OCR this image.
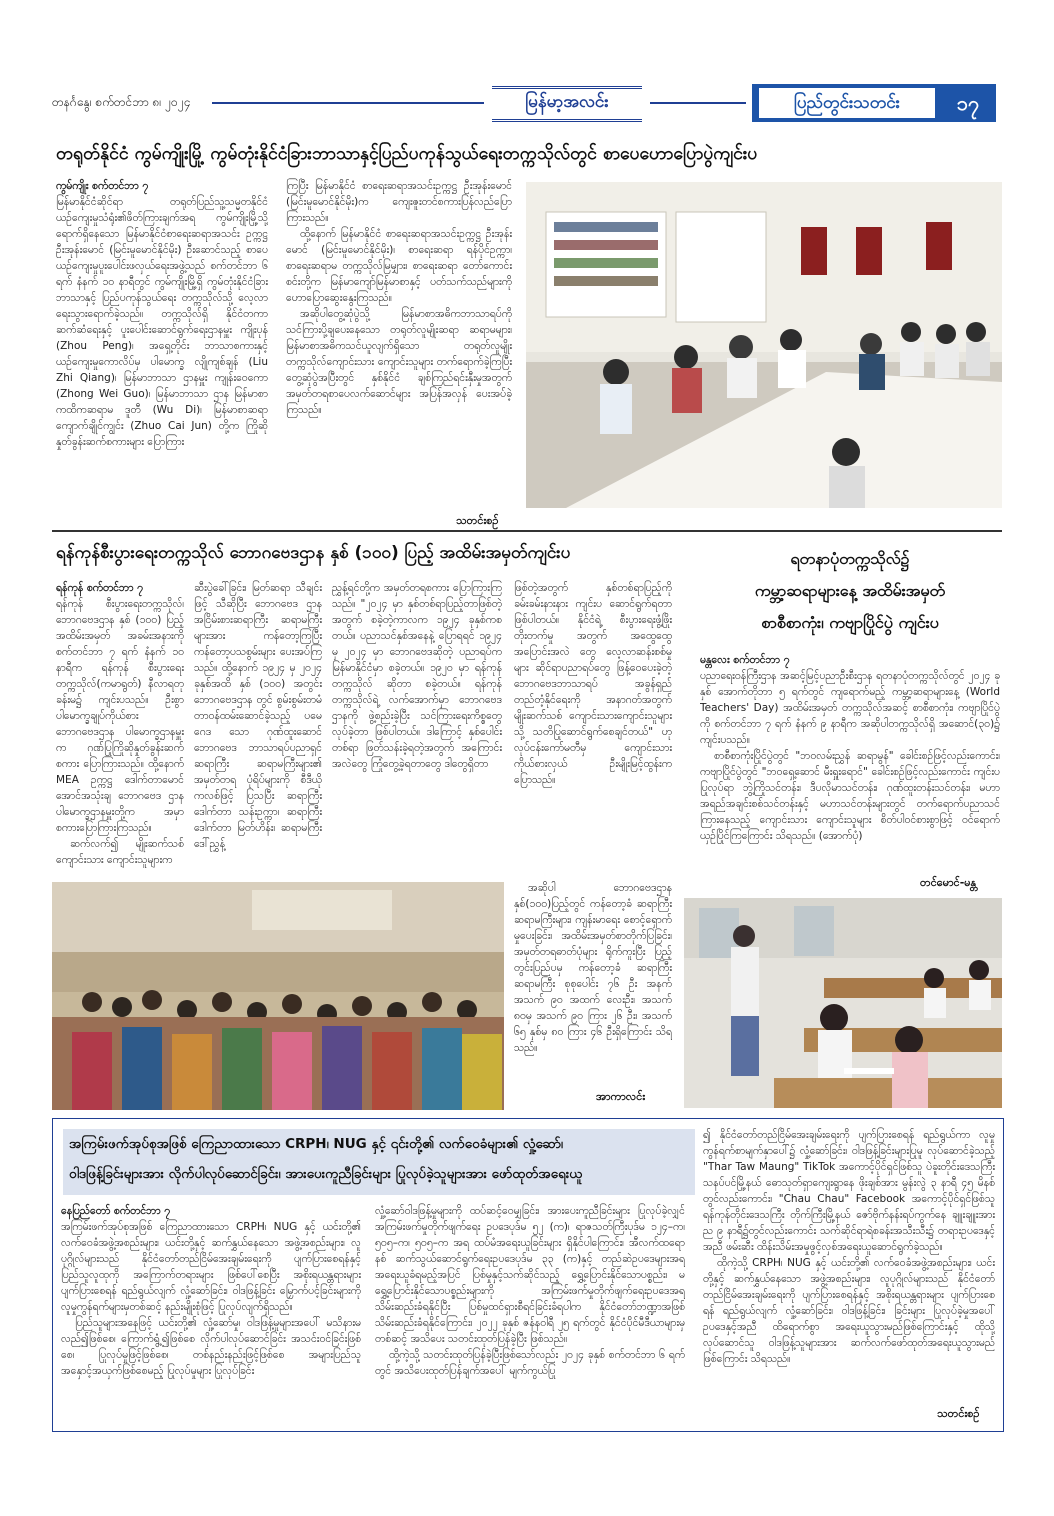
တနင်္ဂနွေ၊ စက်တင်ဘာ ၈၊ ၂၀၂၄	မြန်မာ့အလင်း	ပြည်တွင်းသတင်း	၁၇
တရုတ်နိုင်ငံ ကွမ်ကျိုးမြို့ ကွမ်တုံးနိုင်ငံခြားဘာသာနှင့်ပြည်ပကုန်သွယ်ရေးတက္ကသိုလ်တွင် စာပေဟောပြောပွဲကျင်းပ
ကွမ်ကျိုး စက်တင်ဘာ ၇
မြန်မာနိုင်ငံဆိုင်ရာ တရုတ်ပြည်သူ့သမ္မတနိုင်ငံ ယဉ်ကျေးမှုသံရုံး၏ဖိတ်ကြားချက်အရ ကွမ်ကျိုးမြို့သို့ ရောက်ရှိနေသော မြန်မာနိုင်ငံစာရေးဆရာအသင်း ဥက္ကဋ္ဌ ဦးအုန်းမောင် (မြင်းမူမောင်နိုင်မိုး) ဦးဆောင်သည့် စာပေယဉ်ကျေးမှုပူးပေါင်းဖလှယ်ရေးအဖွဲ့သည် စက်တင်ဘာ ၆ ရက် နံနက် ၁၀ နာရီတွင် ကွမ်ကျိုးမြို့ရှိ ကွမ်တုံးနိုင်ငံခြားဘာသာနှင့် ပြည်ပကုန်သွယ်ရေး တက္ကသိုလ်သို့ လေ့လာရေးသွားရောက်ခဲ့သည်။ တက္ကသိုလ်ရှိ နိုင်ငံတကာဆက်ဆံရေးနှင့် ပူးပေါင်းဆောင်ရွက်ရေးဌာနမှူး ကျိုးပုန် (Zhou Peng)၊ အရှေ့တိုင်း ဘာသာစကားနှင့် ယဉ်ကျေးမှုကောလိပ်မှ ပါမောက္ခ လျိုကျစ်ချန် (Liu Zhi Qiang)၊ မြန်မာဘာသာ ဌာနမှူး ကျုန်းဝေကော (Zhong Wei Guo)၊ မြန်မာဘာသာ ဌာန မြန်မာစာကထိကဆရာမ ဒူတီ (Wu Di)၊ မြန်မာစာဆရာ ကျောက်ချိုင်ကျွင်း (Zhuo Cai Jun) တို့က ကြိုဆိုနှုတ်ခွန်းဆက်စကားများ ပြောကြား
ကြပြီး မြန်မာနိုင်ငံ စာရေးဆရာအသင်းဥက္ကဋ္ဌ ဦးအုန်းမောင် (မြင်းမူမောင်နိုင်မိုး)က ကျေးဇူးတင်စကားပြန်လည်ပြောကြားသည်။
ထို့နောက် မြန်မာနိုင်ငံ စာရေးဆရာအသင်းဥက္ကဋ္ဌ ဦးအုန်းမောင် (မြင်းမူမောင်နိုင်မိုး)၊ စာရေးဆရာ ရန်ပိုင်ဥက္ကာ၊ စာရေးဆရာမ တက္ကသိုလ်မြမျှား၊ စာရေးဆရာ တော်ကောင်းစင်းတို့က မြန်မာကျော်မြန်မာစာနှင့် ပတ်သက်သည်များကို ဟောပြောဆွေးနွေးကြသည်။
အဆိုပါတွေ့ဆုံပွဲသို့ မြန်မာစာအဓိကဘာသာရပ်ကို သင်ကြားပို့ချပေးနေသော တရုတ်လူမျိုးဆရာ ဆရာမများ၊ မြန်မာစာအဓိကသင်ယူလျက်ရှိသော တရုတ်လူမျိုး တက္ကသိုလ်ကျောင်းသား ကျောင်းသူများ တက်ရောက်ခဲ့ကြပြီး တွေ့ဆုံပွဲအပြီးတွင် နှစ်နိုင်ငံ ချစ်ကြည်ရင်းနှီးမှုအတွက် အမှတ်တရစာပေလက်ဆောင်များ အပြန်အလှန် ပေးအပ်ခဲ့ကြသည်။
သတင်းစဉ်
ရန်ကုန်စီးပွားရေးတက္ကသိုလ် ဘောဂဗေဒဌာန နှစ် (၁၀၀) ပြည့် အထိမ်းအမှတ်ကျင်းပ
ရန်ကုန် စက်တင်ဘာ ၇
ရန်ကုန် စီးပွားရေးတက္ကသိုလ်၊ ဘောဂဗေဒဌာန နှစ် (၁၀၀) ပြည့် အထိမ်းအမှတ် အခမ်းအနားကို စက်တင်ဘာ ၇ ရက် နံနက် ၁၀ နာရီက ရန်ကုန် စီးပွားရေးတက္ကသိုလ်(ကမာရွတ်) နီလာရတုခန်းမ၌ ကျင်းပသည်။ ဦးစွာ ပါမောက္ခချုပ်ကိုယ်စား ဘောဂဗေဒဌာန ပါမောက္ခဌာနမှူးက ဂုဏ်ပြုကြိုဆိုနှုတ်ခွန်းဆက်စကား ပြောကြားသည်။ ထို့နောက် MEA ဥက္ကဋ္ဌ ဒေါက်တာမောင်အောင်အသုံးချ ဘောဂဗေဒ ဌာနပါမောက္ခဌာနမှူးတို့က အမှာစကားပြောကြားကြသည်။
ဆက်လက်၍ မျိုးဆက်သစ် ကျောင်းသား ကျောင်းသူများက
ဆီးပွဲခေါ်ခြင်း၊ မြတ်ဆရာ သီချင်းဖြင့် သီဆိုပြီး ဘောဂဗေဒ ဌာန အငြိမ်းစားဆရာကြီး ဆရာမကြီးများအား ကန်တော့ကြပြီး ကန်တော့ပသစွမ်းများ ပေးအပ်ကြသည်။ ထို့နောက် ၁၉၂၄ မှ ၂၀၂၄ ခုနှစ်အထိ နှစ် (၁၀၀) အတွင်း ဘောဂဗေဒဌာန တွင် စွမ်းစွမ်းတမံ တာဝန်ထမ်းဆောင်ခဲ့သည့် ပမေဂေဒ သော ဂုဏ်ထူးဆောင်ဘောဂဗေဒ ဘာသာရပ်ပညာရှင် ဆရာကြီး ဆရာမကြီးများ၏ အမှတ်တရ ပုံရိပ်များကို စီဒီယိုကလစ်ဖြင့် ပြသပြီး ဆရာကြီး ဒေါက်တာ သန်းဥက္ကာ၊ ဆရာကြီး ဒေါက်တာ မြတ်ဟိန်း၊ ဆရာမကြီး ဒေါ်ညွှန့်
ညွှန့်ရင်တို့က အမှတ်တရစကား ပြောကြားကြသည်။ "၂၀၂၄ မှာ နှစ်တစ်ရာပြည့်တာဖြစ်တဲ့အတွက် စခဲ့တဲ့ကာလက ၁၉၂၄ ခုနှစ်ကစတယ်။ ပညာသင်နှစ်အနေနဲ့ ပြောရရင် ၁၉၂၄ မှ ၂၀၂၄ မှာ ဘောဂဗေဒဆိုတဲ့ ပညာရပ်က မြန်မာနိုင်ငံမှာ စခဲ့တယ်။ ၁၉၂၀ မှာ ရန်ကုန်တက္ကသိုလ် ဆိုတာ စခဲ့တယ်။ ရန်ကုန်တက္ကသိုလ်ရဲ့ လက်အောက်မှာ ဘောဂဗေဒဌာနကို ဖွဲ့စည်းခဲ့ပြီး သင်ကြားရေးကိစ္စတွေ လုပ်ခဲ့တာ ဖြစ်ပါတယ်။ ဒါကြောင့် နှစ်ပေါင်းတစ်ရာ ဖြတ်သန်းခဲ့ရတဲ့အတွက် အကြောင်းအလဲတွေ ကြုံတွေ့ခဲ့ရတာတွေ ဒါတွေရှိတာ
ဖြစ်တဲ့အတွက် နှစ်တစ်ရာပြည့်ကို ခမ်းခမ်းနားနား ကျင်းပ ဆောင်ရွက်ရတာ ဖြစ်ပါတယ်။ နိုင်ငံရဲ့ စီးပွားရေးဖွံ့ဖြိုးတိုးတက်မှု အတွက် အထွေထွေအပြောင်းအလဲ တွေ လေ့လာဆန်းစစ်မှုများ ဆိုင်ရာပညာရပ်တွေ ဖြန့်ဝေပေးခဲ့တဲ့ ဘောဂဗေဒဘာသာရပ် အခွန်ရှည် တည်တံ့နိုင်ရေးကို အနာဂတ်အတွက် မျိုးဆက်သစ် ကျောင်းသားကျောင်းသူများသို့ သတိပြုဆောင်ရွက်စေချင်တယ်" ဟု လုပ်ငန်းကော်မတီမှ ကျောင်းသား ကိုယ်စားလှယ် ဦးမျိုးမြင့်ထွန်းက ပြောသည်။
အဆိုပါ ဘောဂဗေဒဌာန နှစ်(၁၀၀)ပြည့်တွင် ကန်တော့ခံ ဆရာကြီး ဆရာမကြီးများ၊ ကျန်းမာရေး စောင့်ရှောက်မှုပေးခြင်း၊ အထိမ်းအမှတ်စာတိုက်ပြခြင်း၊ အမှတ်တရဓာတ်ပုံများ ရိုက်ကူးပြီး ပြည့်တွင်းပြည်ပမှ ကန်တော့ခံ ဆရာကြီး ဆရာမကြီး စုစုပေါင်း ၇၆ ဦး အနက် အသက် ၉၀ အထက် လေးဦး၊ အသက် ၈၀မှ အသက် ၉၀ ကြား ၂၆ ဦး၊ အသက် ၆၅ နှစ်မှ ၈၀ ကြား ၄၆ ဦးရှိကြောင်း သိရသည်။
အာကာလင်း
ရတနာပုံတက္ကသိုလ်၌
ကမ္ဘာ့ဆရာများနေ့ အထိမ်းအမှတ်
စာစီစာကုံး၊ ကဗျာပြိုင်ပွဲ ကျင်းပ
မန္တလေး စက်တင်ဘာ ၇
ပညာရေးဝန်ကြီးဌာန အဆင့်မြင့်ပညာဦးစီးဌာန ရတနာပုံတက္ကသိုလ်တွင် ၂၀၂၄ ခုနှစ် အောက်တိုဘာ ၅ ရက်တွင် ကျရောက်မည့် ကမ္ဘာ့ဆရာများနေ့ (World Teachers' Day) အထိမ်းအမှတ် တက္ကသိုလ်အဆင့် စာစီစာကုံး၊ ကဗျာပြိုင်ပွဲကို စက်တင်ဘာ ၇ ရက် နံနက် ၉ နာရီက အဆိုပါတက္ကသိုလ်ရှိ အဆောင်(၃၀)၌ ကျင်းပသည်။
စာစီစာကုံးပြိုင်ပွဲတွင် "ဘဝလမ်းညွှန် ဆရာမွန်" ခေါင်းစဉ်ဖြင့်လည်းကောင်း၊ ကဗျာပြိုင်ပွဲတွင် "ဘဝရှေ့ဆောင် မီးရှူးရောင်" ခေါင်းစဉ်ဖြင့်လည်းကောင်း ကျင်းပပြုလုပ်ရာ ဘွဲ့ကြိုသင်တန်း၊ ဒီပလိုမာသင်တန်း၊ ဂုဏ်ထူးတန်းသင်တန်း၊ မဟာအရည်အချင်းစစ်သင်တန်းနှင့် မဟာသင်တန်းများတွင် တက်ရောက်ပညာသင်ကြားနေသည့် ကျောင်းသား ကျောင်းသူများ စိတ်ပါဝင်စားစွာဖြင့် ဝင်ရောက်ယှဉ်ပြိုင်ကြကြောင်း သိရသည်။ (အောက်ပုံ)
တင်မောင်-မန္တ
အကြမ်းဖက်အုပ်စုအဖြစ် ကြေညာထားသော CRPH၊ NUG နှင့် ၎င်းတို့၏ လက်ဝေခံများ၏ လှုံ့ဆော်၊
ဝါဒဖြန့်ခြင်းများအား လိုက်ပါလုပ်ဆောင်ခြင်း၊ အားပေးကူညီခြင်းများ ပြုလုပ်ခဲ့သူများအား ဖော်ထုတ်အရေးယူ
နေပြည်တော် စက်တင်ဘာ ၇
အကြမ်းဖက်အုပ်စုအဖြစ် ကြေညာထားသော CRPH၊ NUG နှင့် ယင်းတို့၏ လက်ဝေခံအဖွဲ့အစည်းများ၊ ယင်းတို့နှင့် ဆက်နွှယ်နေသော အဖွဲ့အစည်းများ၊ လူပုဂ္ဂိုလ်များသည် နိုင်ငံတော်တည်ငြိမ်အေးချမ်းရေးကို ပျက်ပြားစေရန်နှင့် ပြည်သူလူထုကို အကြောက်တရားများ ဖြစ်ပေါ်စေပြီး အစိုးရယန္တရားများ ပျက်ပြားစေရန် ရည်ရွယ်လျက် လှုံ့ဆော်ခြင်း၊ ဝါဒဖြန့်ခြင်း မြှောက်ပင့်ခြင်းများကို လူမှုကွန်ရက်များမှတစ်ဆင့် နည်းမျိုးစုံဖြင့် ပြုလုပ်လျက်ရှိသည်။
ပြည်သူများအနေဖြင့် ယင်းတို့၏ လှုံ့ဆော်မှု၊ ဝါဒဖြန့်မှုများအပေါ် မသိနားမလည်၍ဖြစ်စေ၊ ကြောက်ရွံ့၍ဖြစ်စေ လိုက်ပါလုပ်ဆောင်ခြင်း အသင်းဝင်ခြင်းဖြစ်စေ၊ ပြုလုပ်မှုဖြင့်ဖြစ်စေ၊ တစ်နည်းနည်းဖြင့်ဖြစ်စေ အများပြည်သူ အနှောင့်အယှက်ဖြစ်စေမည့် ပြုလုပ်မှုများ ပြုလုပ်ခြင်း
လှုံ့ဆော်ဝါဒဖြန့်မှုများကို ထပ်ဆင့်ဝေမျှခြင်း၊ အားပေးကူညီခြင်းများ ပြုလုပ်ခဲ့လျှင် အကြမ်းဖက်မှုတိုက်ဖျက်ရေး ဥပဒေပုဒ်မ ၅၂ (က)၊ ရာဇသတ်ကြီးပုဒ်မ ၁၂၄–က၊ ၅၀၅–က၊ ၅၀၅–က အရ ထပ်မံအရေးယူခြင်းများ ရှိနိုင်ပါကြောင်း၊ အီလက်ထရောနစ် ဆက်သွယ်ဆောင်ရွက်ရေးဥပဒေပုဒ်မ ၃၃ (က)နှင့် တည်ဆဲဥပဒေများအရ အရေးယူခံရမည့်အပြင် ပြစ်မှုနှင့်သက်ဆိုင်သည့် ရွှေ့ပြောင်းနိုင်သောပစ္စည်း၊ မရွှေ့ပြောင်းနိုင်သောပစ္စည်းများကို အကြမ်းဖက်မှုတိုက်ဖျက်ရေးဥပဒေအရ သိမ်းဆည်းခံရနိုင်ပြီး ပြစ်မှုထင်ရှားစီရင်ခြင်းခံရပါက နိုင်ငံတော်ဘဏ္ဍာအဖြစ် သိမ်းဆည်းခံရနိုင်ကြောင်း၊ ၂၀၂၂ ခုနှစ် ဇန်နဝါရီ ၂၅ ရက်တွင် နိုင်ငံပိုင်မီဒီယာများမှတစ်ဆင့် အသိပေး သတင်းထုတ်ပြန်ခဲ့ပြီး ဖြစ်သည်။
ထို့ကဲ့သို့ သတင်းထုတ်ပြန်ခဲ့ပြီးဖြစ်သော်လည်း ၂၀၂၄ ခုနှစ် စက်တင်ဘာ ၆ ရက်တွင် အသိပေးထုတ်ပြန်ချက်အပေါ် မျက်ကွယ်ပြု
၍ နိုင်ငံတော်တည်ငြိမ်အေးချမ်းရေးကို ပျက်ပြားစေရန် ရည်ရွယ်ကာ လူမှုကွန်ရက်စာမျက်နှာပေါ်၌ လှုံ့ဆော်ခြင်း၊ ဝါဒဖြန့်ခြင်းများပြုမူ လုပ်ဆောင်ခဲ့သည့် "Thar Taw Maung" TikTok အကောင့်ပိုင်ရှင်ဖြစ်သူ ပဲခူးတိုင်းဒေသကြီး သနပ်ပင်မြို့နယ် ဓောသုတ်ရှာကျေးရွာနေ ဖိုးချစ်အား မွန်းလွဲ ၃ နာရီ ၄၅ မိနစ်တွင်လည်းကောင်း၊ "Chau Chau" Facebook အကောင့်ပိုင်ရှင်ဖြစ်သူ ရန်ကုန်တိုင်းဒေသကြီး တိုက်ကြီးမြို့နယ် ဇော်ဗိုက်နန်းရပ်ကွက်နေ ချူးချူးအား ည ၉ နာရီ၌တွင်လည်းကောင်း သက်ဆိုင်ရာရဲစခန်းအသီးသီး၌ တရားဥပဒေနှင့်အညီ ဖမ်းဆီး ထိန်းသိမ်းအမှုဖွင့်လှစ်အရေးယူဆောင်ရွက်ခဲ့သည်။
ထိုကဲ့သို့ CRPH၊ NUG နှင့် ယင်းတို့၏ လက်ဝေခံအဖွဲ့အစည်းများ၊ ယင်းတို့နှင့် ဆက်နွှယ်နေသော အဖွဲ့အစည်းများ၊ လူပုဂ္ဂိုလ်များသည် နိုင်ငံတော်တည်ငြိမ်အေးချမ်းရေးကို ပျက်ပြားစေရန်နှင့် အစိုးရယန္တရားများ ပျက်ပြားစေရန် ရည်ရွယ်လျက် လှုံ့ဆော်ခြင်း၊ ဝါဒဖြန့်ခြင်း၊ ခြင်းများ ပြုလုပ်ခဲ့မှုအပေါ် ဥပဒေနှင့်အညီ ထိရောက်စွာ အရေးယူသွားမည်ဖြစ်ကြောင်းနှင့် ထိုသို့လုပ်ဆောင်သူ ဝါဒဖြန့်သူများအား ဆက်လက်ဖော်ထုတ်အရေးယူသွားမည်ဖြစ်ကြောင်း သိရသည်။
သတင်းစဉ်
